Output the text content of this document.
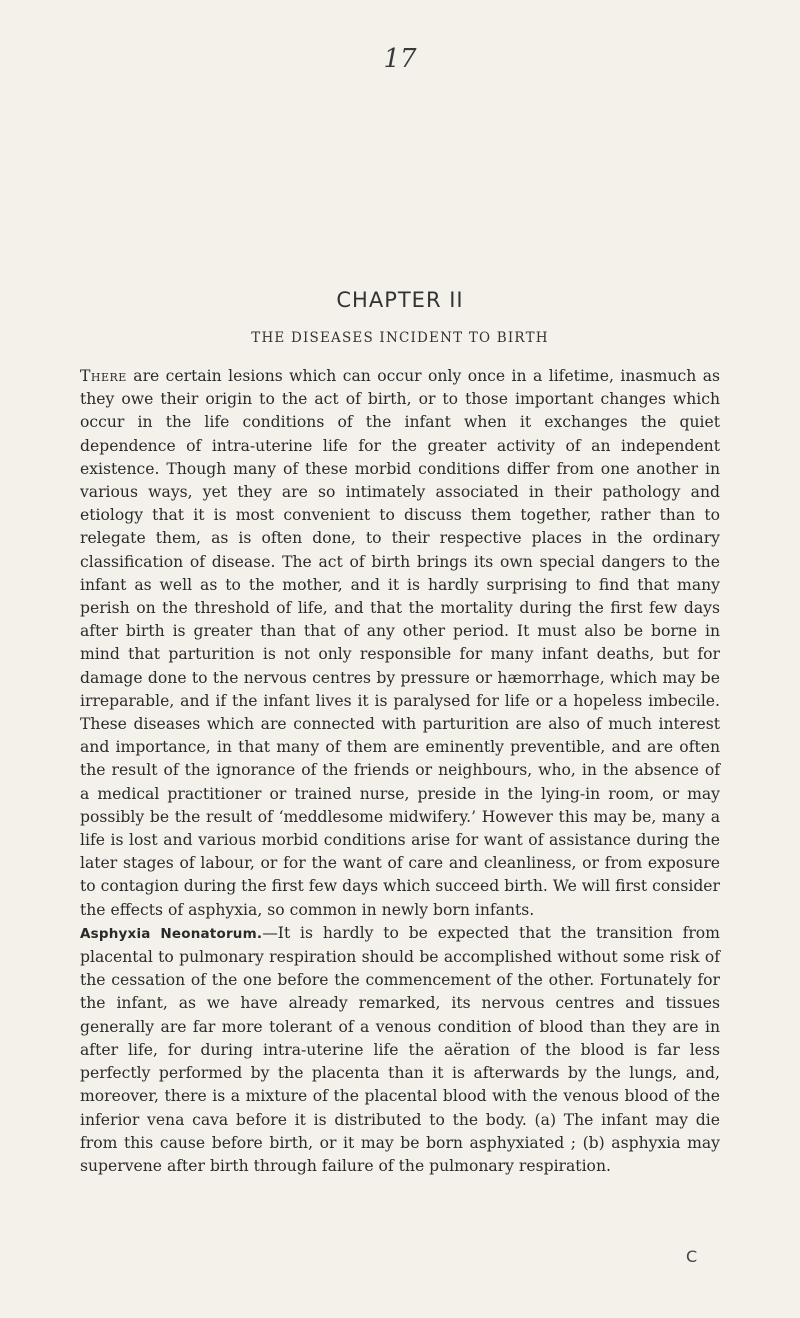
17
CHAPTER II
THE DISEASES INCIDENT TO BIRTH

There are certain lesions which can occur only once in a lifetime, inasmuch as they owe their origin to the act of birth, or to those important changes which occur in the life conditions of the infant when it exchanges the quiet dependence of intra-uterine life for the greater activity of an independent existence. Though many of these morbid conditions differ from one another in various ways, yet they are so intimately associated in their pathology and etiology that it is most convenient to discuss them together, rather than to relegate them, as is often done, to their respective places in the ordinary classification of disease. The act of birth brings its own special dangers to the infant as well as to the mother, and it is hardly surprising to find that many perish on the threshold of life, and that the mortality during the first few days after birth is greater than that of any other period. It must also be borne in mind that parturition is not only responsible for many infant deaths, but for damage done to the nervous centres by pressure or hæmorrhage, which may be irreparable, and if the infant lives it is paralysed for life or a hopeless imbecile. These diseases which are connected with parturition are also of much interest and importance, in that many of them are eminently preventible, and are often the result of the ignorance of the friends or neighbours, who, in the absence of a medical practitioner or trained nurse, preside in the lying-in room, or may possibly be the result of ‘meddlesome midwifery.’ However this may be, many a life is lost and various morbid conditions arise for want of assistance during the later stages of labour, or for the want of care and cleanliness, or from exposure to contagion during the first few days which succeed birth. We will first consider the effects of asphyxia, so common in newly born infants.

Asphyxia Neonatorum.—It is hardly to be expected that the transition from placental to pulmonary respiration should be accomplished without some risk of the cessation of the one before the commencement of the other. Fortunately for the infant, as we have already remarked, its nervous centres and tissues generally are far more tolerant of a venous condition of blood than they are in after life, for during intra-uterine life the aëration of the blood is far less perfectly performed by the placenta than it is afterwards by the lungs, and, moreover, there is a mixture of the placental blood with the venous blood of the inferior vena cava before it is distributed to the body. (a) The infant may die from this cause before birth, or it may be born asphyxiated ; (b) asphyxia may supervene after birth through failure of the pulmonary respiration.

C
